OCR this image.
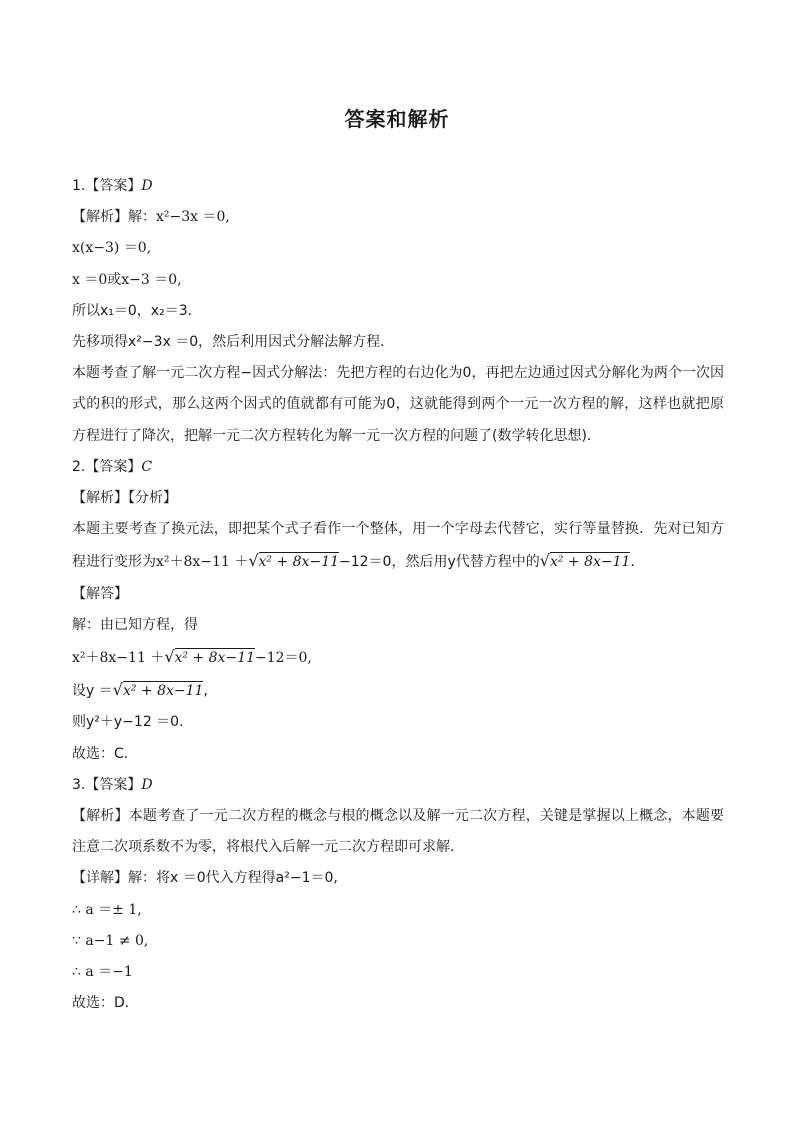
答案和解析
1.【答案】D
【解析】解：x²−3x ＝0,
x(x−3) ＝0,
x ＝0或x−3 ＝0,
所以x₁＝0，x₂＝3．
先移项得x²−3x ＝0，然后利用因式分解法解方程．
本题考查了解一元二次方程−因式分解法：先把方程的右边化为0，再把左边通过因式分解化为两个一次因式的积的形式，那么这两个因式的值就都有可能为0，这就能得到两个一元一次方程的解，这样也就把原方程进行了降次，把解一元二次方程转化为解一元一次方程的问题了(数学转化思想)．
2.【答案】C
【解析】【分析】
本题主要考查了换元法，即把某个式子看作一个整体，用一个字母去代替它，实行等量替换．先对已知方程进行变形为x²＋8x−11 ＋√x² + 8x−11−12＝0，然后用y代替方程中的√x² + 8x−11．
【解答】
解：由已知方程，得
x²＋8x−11 ＋√x² + 8x−11−12＝0,
设y ＝√x² + 8x−11,
则y²＋y−12 ＝0.
故选：C．
3.【答案】D
【解析】本题考查了一元二次方程的概念与根的概念以及解一元二次方程，关键是掌握以上概念，本题要注意二次项系数不为零，将根代入后解一元二次方程即可求解．
【详解】解：将x ＝0代入方程得a²−1＝0,
∴ a ＝± 1,
∵ a−1 ≠ 0,
∴ a ＝−1
故选：D．
